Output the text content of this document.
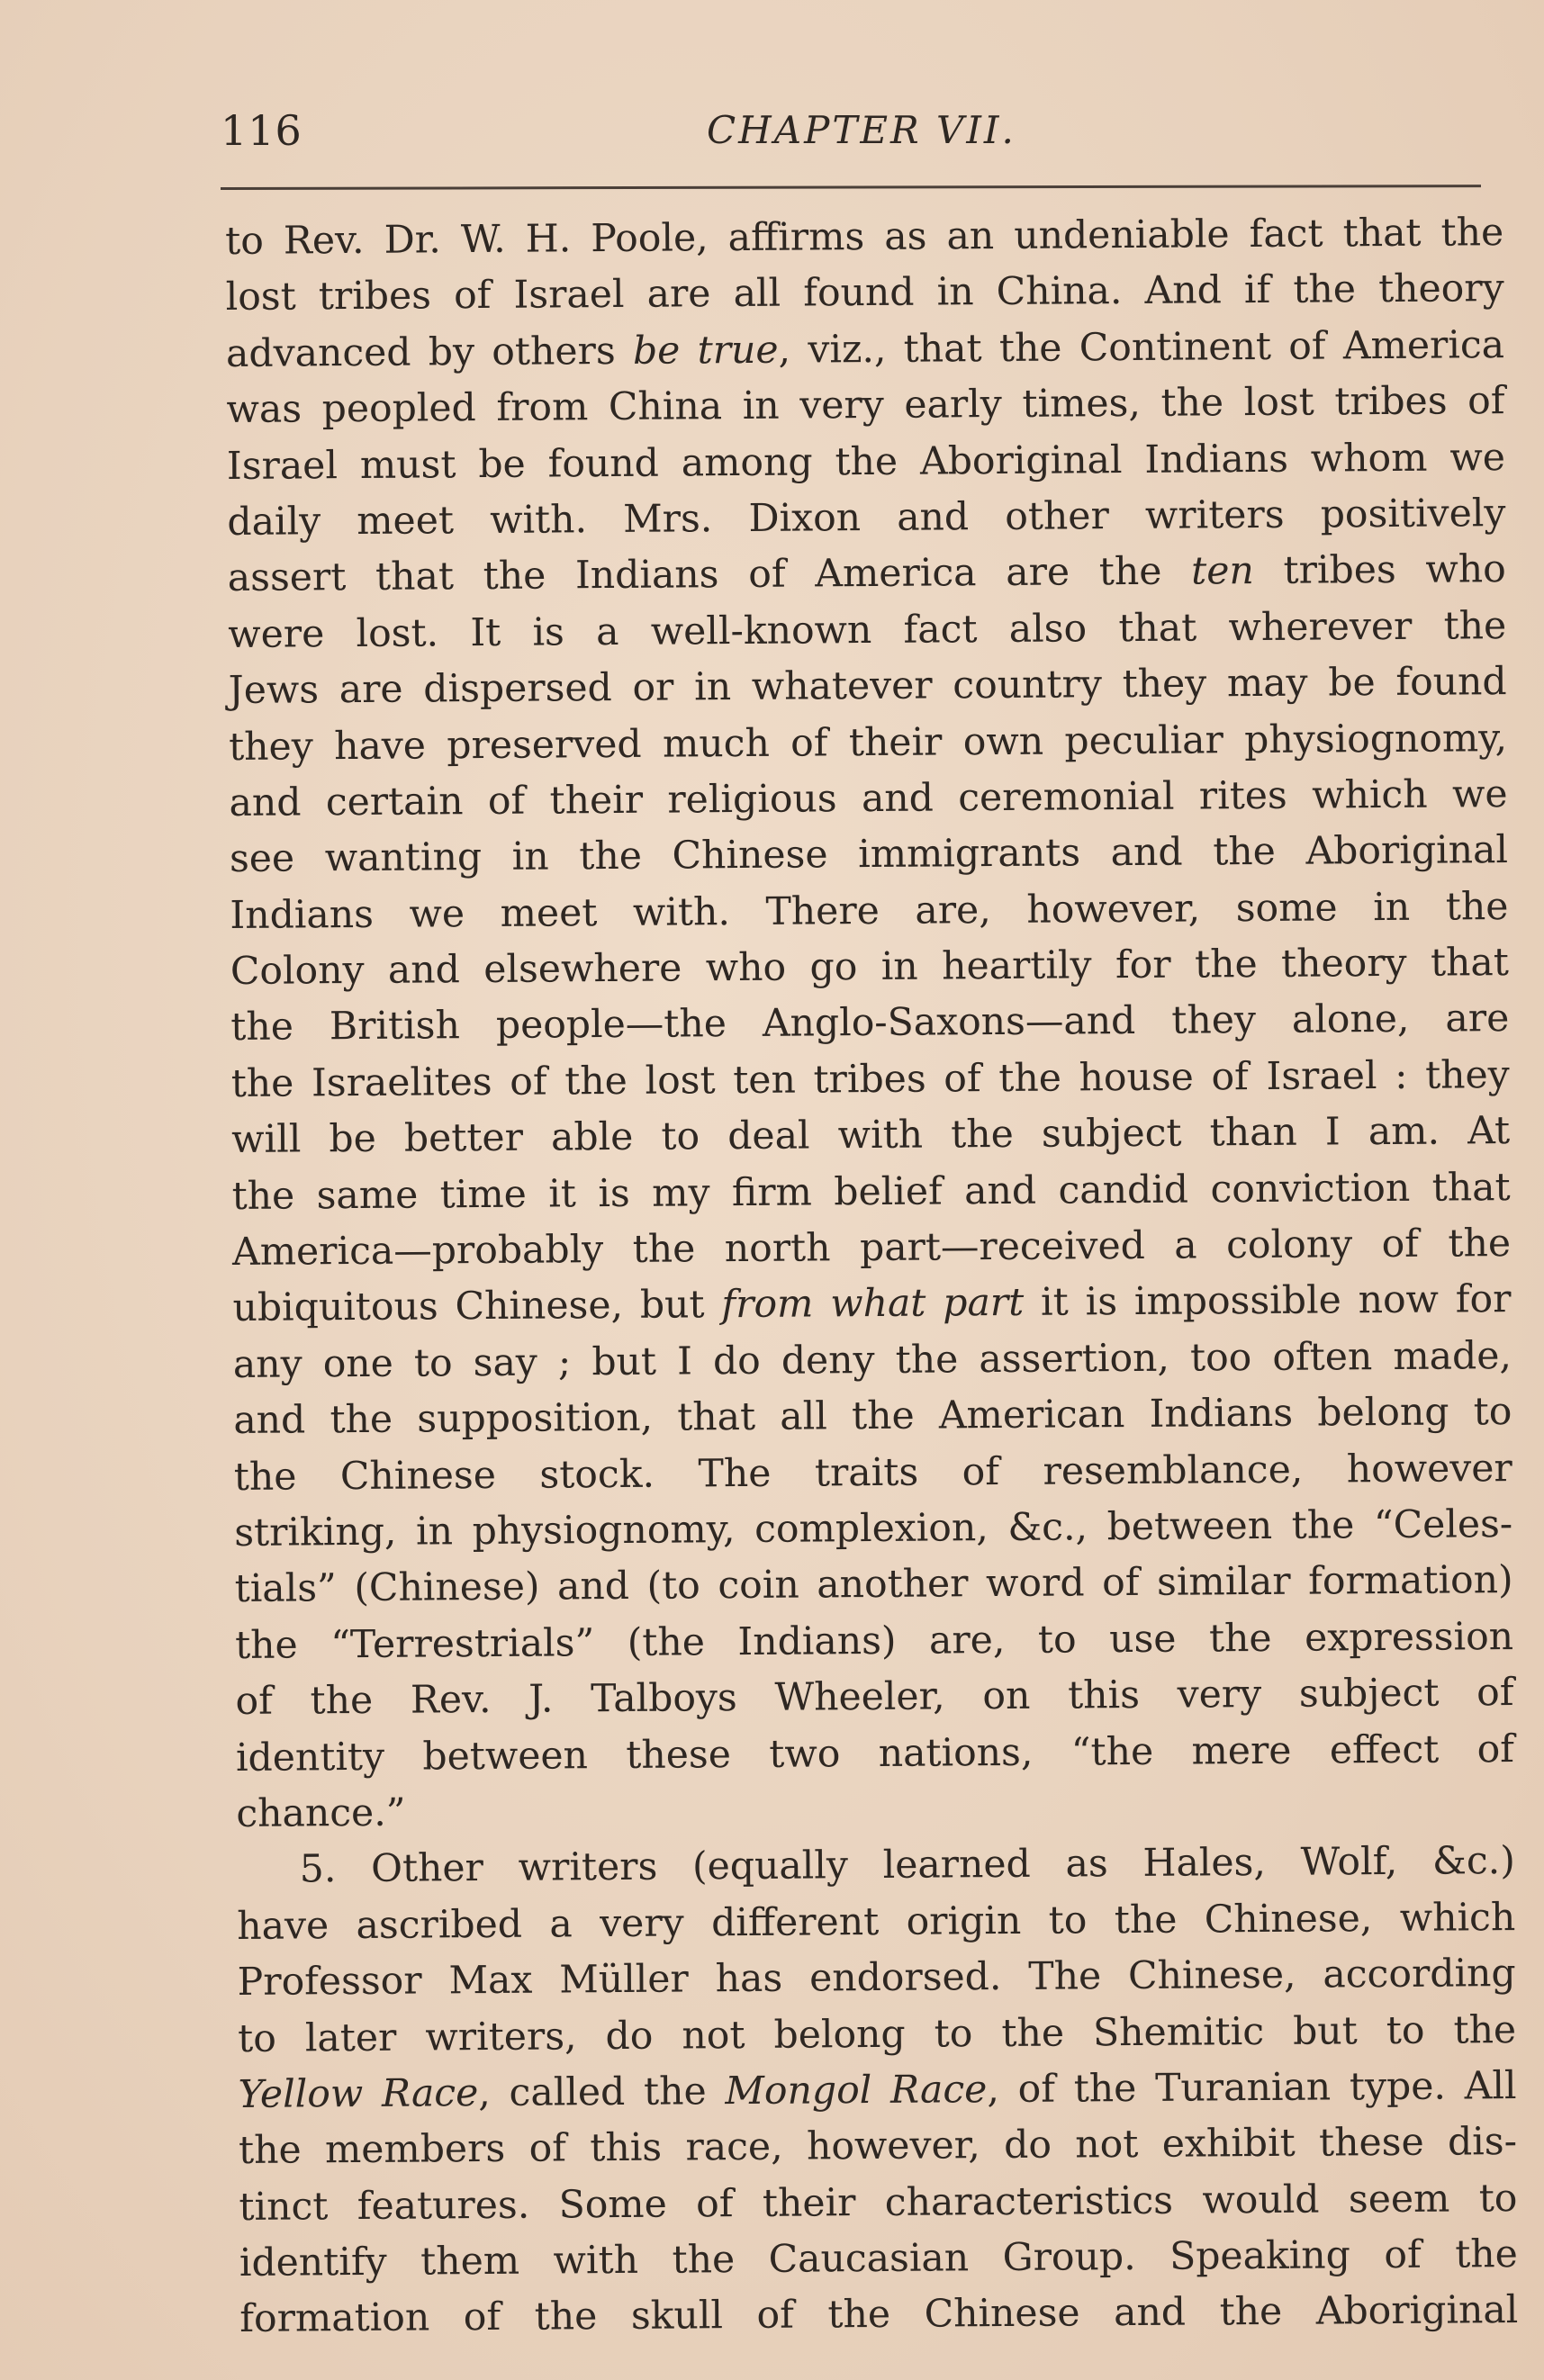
116	CHAPTER VII.
to Rev. Dr. W. H. Poole, affirms as an undeniable fact that the
lost tribes of Israel are all found in China. And if the theory
advanced by others be true, viz., that the Continent of America
was peopled from China in very early times, the lost tribes of
Israel must be found among the Aboriginal Indians whom we
daily meet with. Mrs. Dixon and other writers positively
assert that the Indians of America are the ten tribes who
were lost. It is a well-known fact also that wherever the
Jews are dispersed or in whatever country they may be found
they have preserved much of their own peculiar physiognomy,
and certain of their religious and ceremonial rites which we
see wanting in the Chinese immigrants and the Aboriginal
Indians we meet with. There are, however, some in the
Colony and elsewhere who go in heartily for the theory that
the British people—the Anglo-Saxons—and they alone, are
the Israelites of the lost ten tribes of the house of Israel : they
will be better able to deal with the subject than I am. At
the same time it is my firm belief and candid conviction that
America—probably the north part—received a colony of the
ubiquitous Chinese, but from what part it is impossible now for
any one to say ; but I do deny the assertion, too often made,
and the supposition, that all the American Indians belong to
the Chinese stock. The traits of resemblance, however
striking, in physiognomy, complexion, &c., between the “Celes-
tials” (Chinese) and (to coin another word of similar formation)
the “Terrestrials” (the Indians) are, to use the expression
of the Rev. J. Talboys Wheeler, on this very subject of
identity between these two nations, “the mere effect of
chance.”
5. Other writers (equally learned as Hales, Wolf, &c.)
have ascribed a very different origin to the Chinese, which
Professor Max Müller has endorsed. The Chinese, according
to later writers, do not belong to the Shemitic but to the
Yellow Race, called the Mongol Race, of the Turanian type. All
the members of this race, however, do not exhibit these dis-
tinct features. Some of their characteristics would seem to
identify them with the Caucasian Group. Speaking of the
formation of the skull of the Chinese and the Aboriginal
